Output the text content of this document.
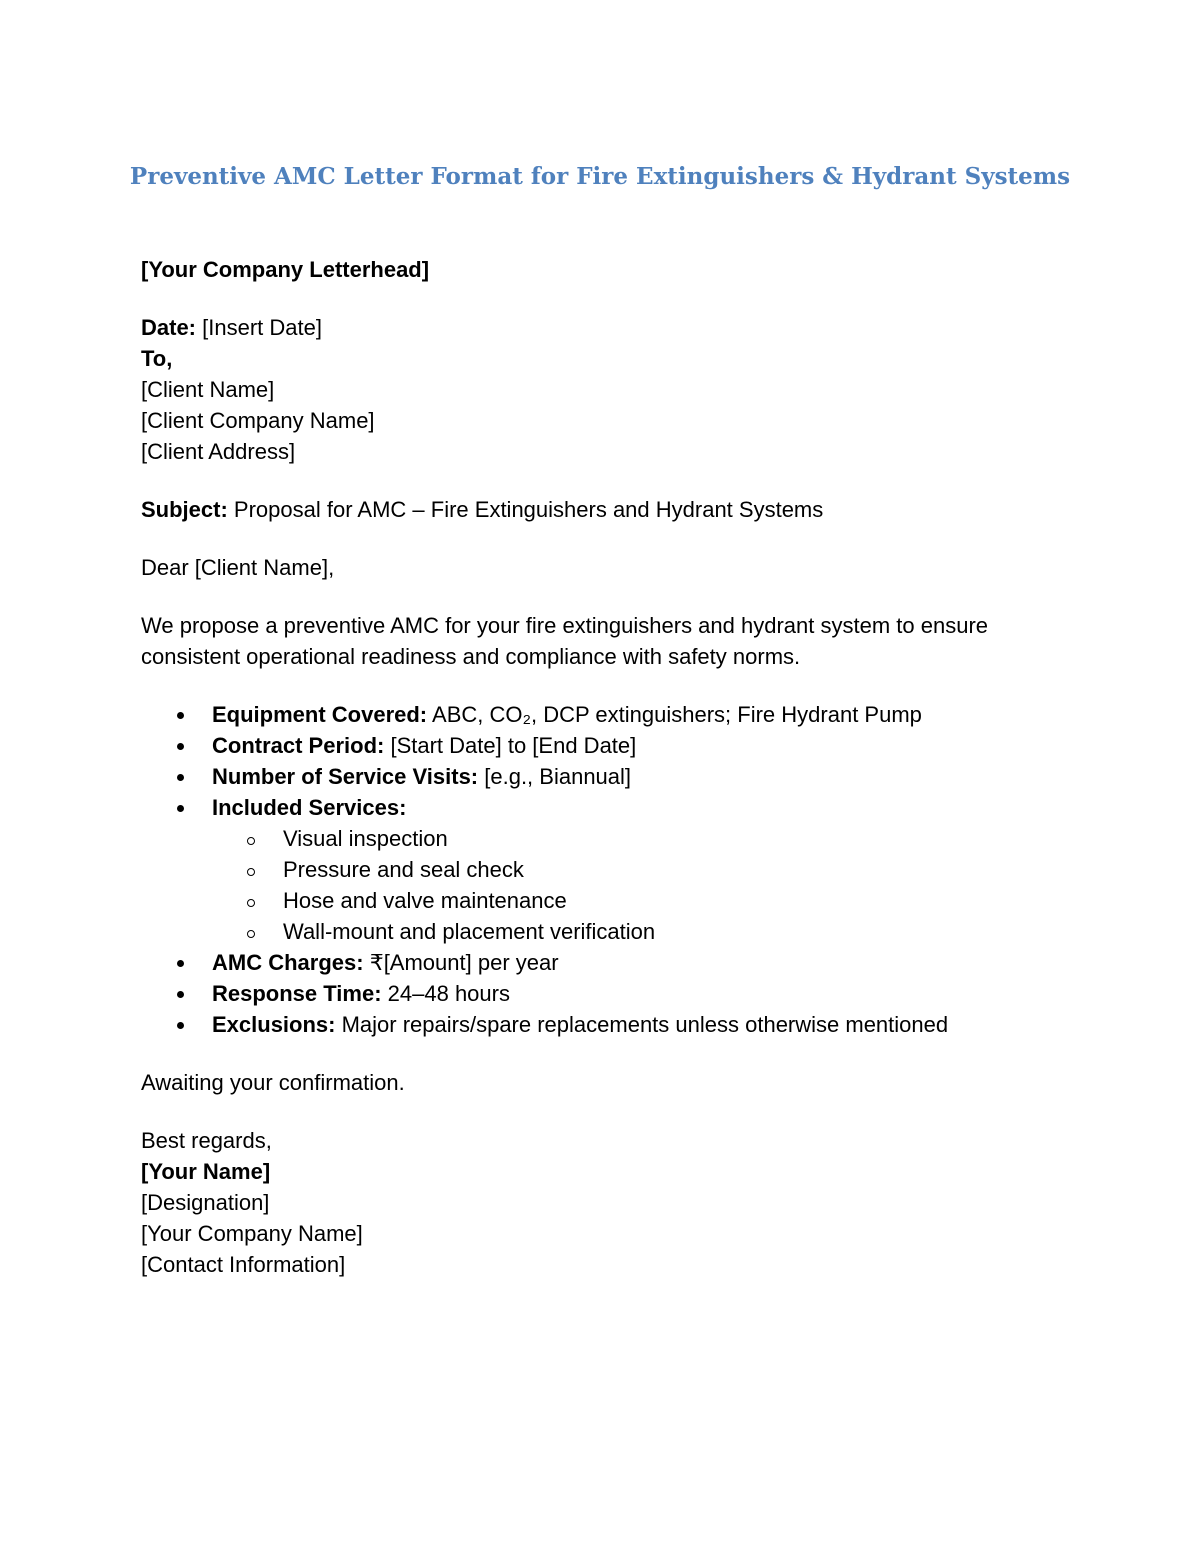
Preventive AMC Letter Format for Fire Extinguishers & Hydrant Systems

[Your Company Letterhead]

Date: [Insert Date]

To,

[Client Name]

[Client Company Name]

[Client Address]

Subject: Proposal for AMC – Fire Extinguishers and Hydrant Systems

Dear [Client Name],

We propose a preventive AMC for your fire extinguishers and hydrant system to ensure consistent operational readiness and compliance with safety norms.

Equipment Covered: ABC, CO₂, DCP extinguishers; Fire Hydrant Pump
Contract Period: [Start Date] to [End Date]
Number of Service Visits: [e.g., Biannual]
Included Services:
Visual inspection
Pressure and seal check
Hose and valve maintenance
Wall-mount and placement verification
AMC Charges: ₹[Amount] per year
Response Time: 24–48 hours
Exclusions: Major repairs/spare replacements unless otherwise mentioned

Awaiting your confirmation.

Best regards,

[Your Name]

[Designation]

[Your Company Name]

[Contact Information]
